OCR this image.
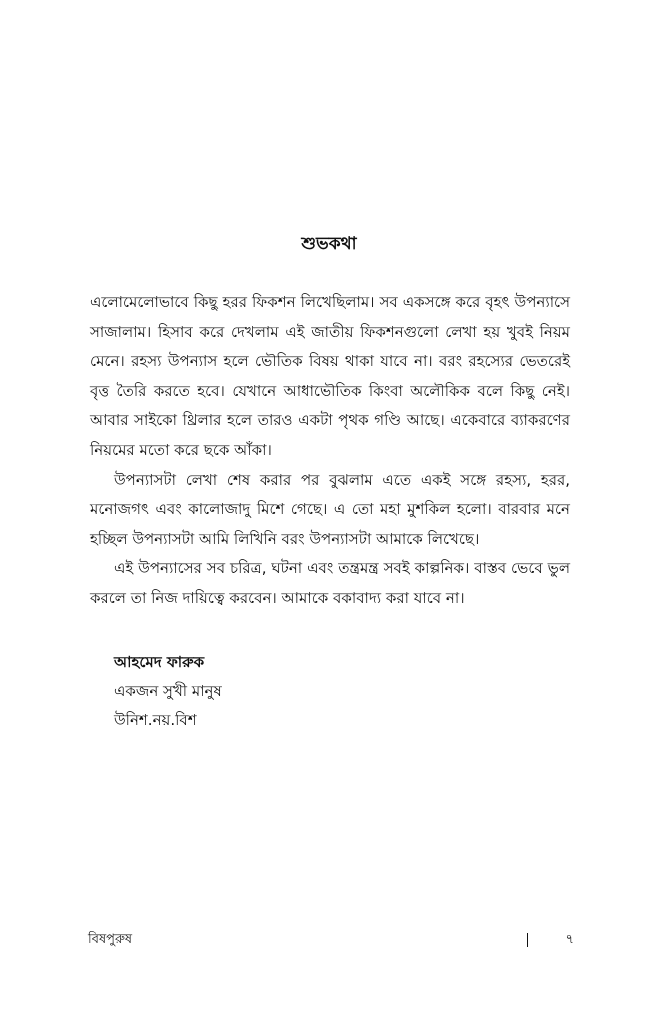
শুভকথা

এলোমেলোভাবে কিছু হরর ফিকশন লিখেছিলাম। সব একসঙ্গে করে বৃহৎ উপন্যাসে সাজালাম। হিসাব করে দেখলাম এই জাতীয় ফিকশনগুলো লেখা হয় খুবই নিয়ম মেনে। রহস্য উপন্যাস হলে ভৌতিক বিষয় থাকা যাবে না। বরং রহস্যের ভেতরেই বৃত্ত তৈরি করতে হবে। যেখানে আধাভৌতিক কিংবা অলৌকিক বলে কিছু নেই। আবার সাইকো থ্রিলার হলে তারও একটা পৃথক গণ্ডি আছে। একেবারে ব্যাকরণের নিয়মের মতো করে ছকে আঁকা।

উপন্যাসটা লেখা শেষ করার পর বুঝলাম এতে একই সঙ্গে রহস্য, হরর, মনোজগৎ এবং কালোজাদু মিশে গেছে। এ তো মহা মুশকিল হলো। বারবার মনে হচ্ছিল উপন্যাসটা আমি লিখিনি বরং উপন্যাসটা আমাকে লিখেছে।

এই উপন্যাসের সব চরিত্র, ঘটনা এবং তন্ত্রমন্ত্র সবই কাল্পনিক। বাস্তব ভেবে ভুল করলে তা নিজ দায়িত্বে করবেন। আমাকে বকাবাদ্য করা যাবে না।

আহমেদ ফারুক
একজন সুখী মানুষ
উনিশ.নয়.বিশ
বিষপুরুষ	৭
